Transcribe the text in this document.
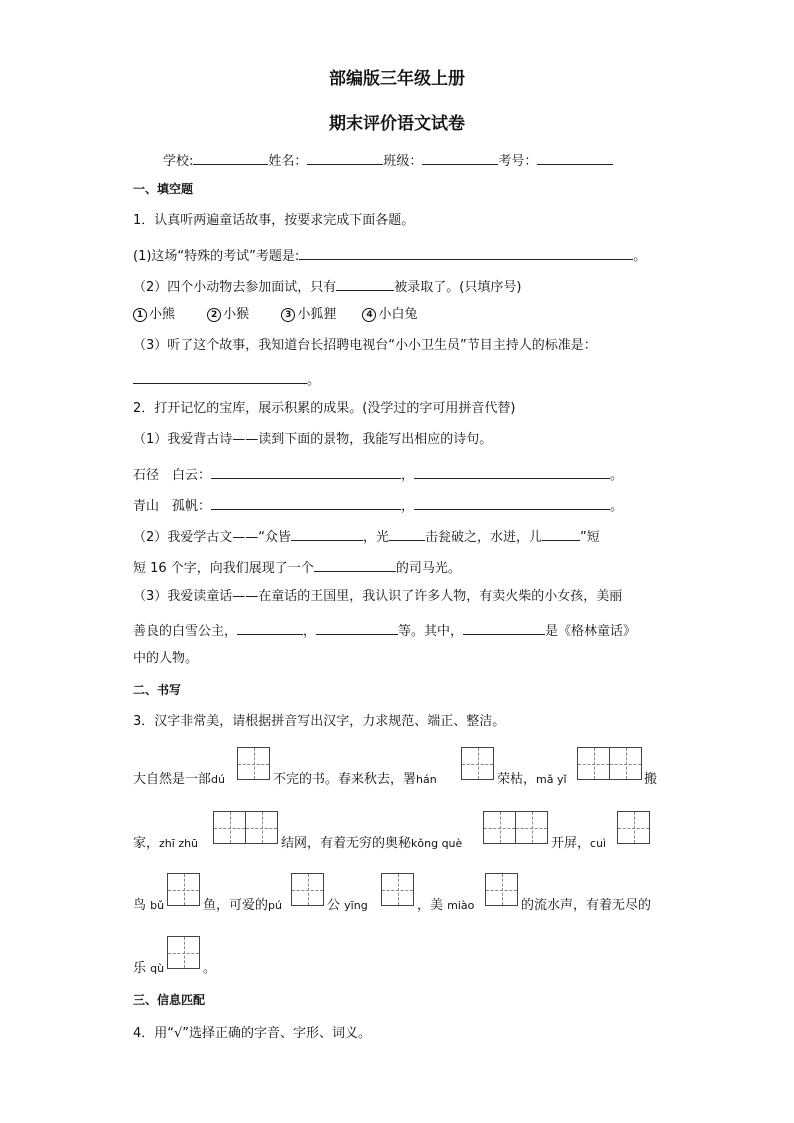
部编版三年级上册
期末评价语文试卷
学校:	姓名：	班级：	考号：
一、填空题
1．认真听两遍童话故事，按要求完成下面各题。
(1)这场“特殊的考试”考题是:	。
（2）四个小动物去参加面试，只有	被录取了。(只填序号)
1 小熊	2 小猴	3 小狐狸	4 小白兔
（3）听了这个故事，我知道台长招聘电视台“小小卫生员”节目主持人的标准是：
。
2．打开记忆的宝库，展示积累的成果。(没学过的字可用拼音代替)
（1）我爱背古诗——读到下面的景物，我能写出相应的诗句。
石径　白云：	，	。
青山　孤帆：	，	。
（2）我爱学古文——“众皆	，光	击瓮破之，水迸，儿	”短
短 16 个字，向我们展现了一个	的司马光。
（3）我爱读童话——在童话的王国里，我认识了许多人物，有卖火柴的小女孩，美丽
善良的白雪公主，	，	等。其中，	是《格林童话》
中的人物。
二、书写
3．汉字非常美，请根据拼音写出汉字，力求规范、端正、整洁。
大自然是一部dú	不完的书。春来秋去，署hán	荣枯，mǎ yǐ	搬
家，zhī zhū	结网，有着无穷的奥秘kǒng què	开屏，cuì
鸟 bǔ	鱼，可爱的pú	公 yīng	，美 miào	的流水声，有着无尽的
乐 qù	。
三、信息匹配
4．用“√”选择正确的字音、字形、词义。
